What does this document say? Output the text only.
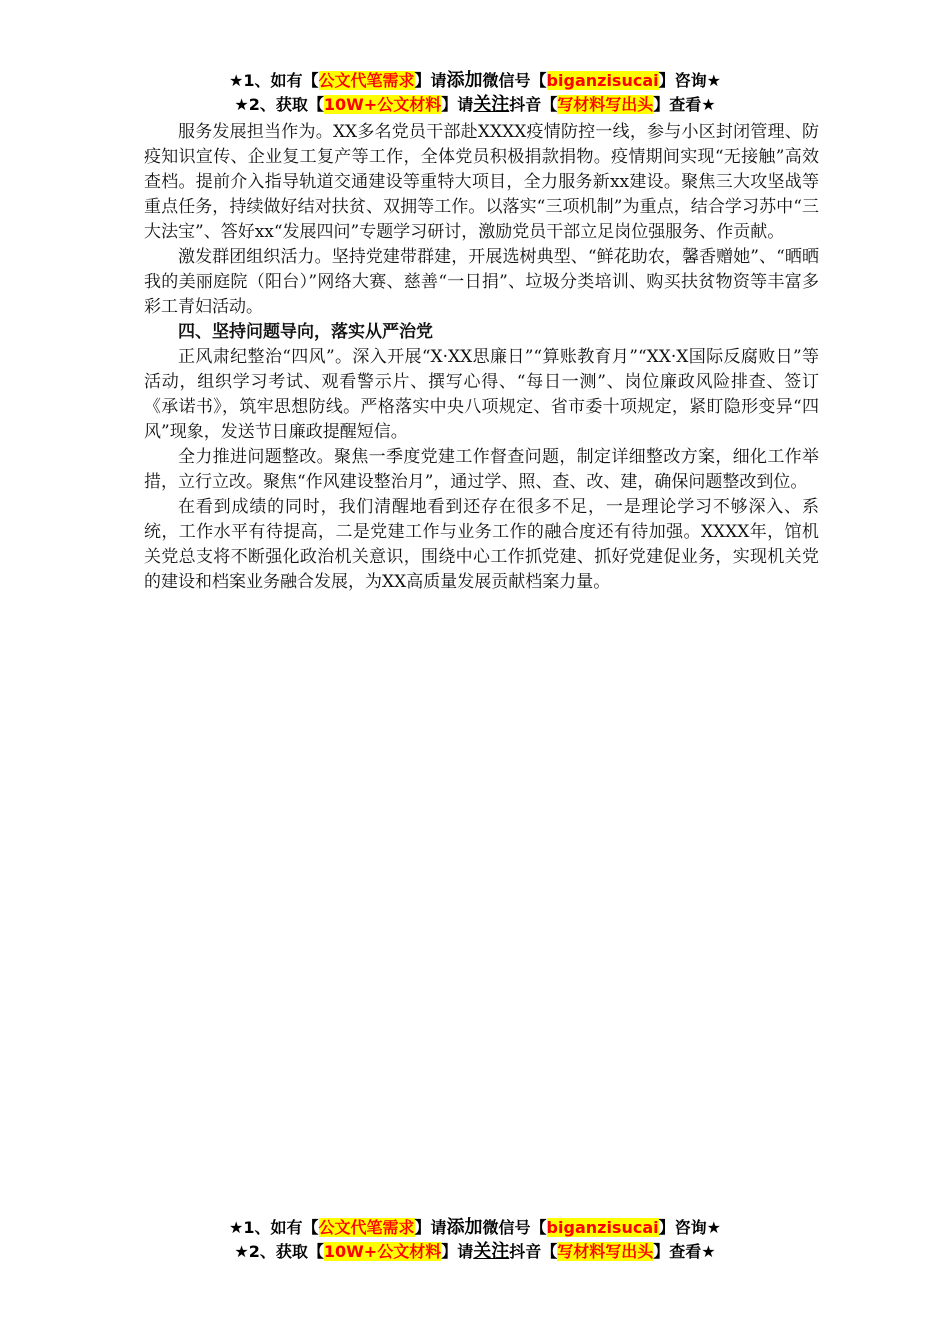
★1、如有【公文代笔需求】请添加微信号【biganzisucai】咨询★
★2、获取【10W+公文材料】请关注抖音【写材料写出头】查看★

服务发展担当作为。XX多名党员干部赴XXXX疫情防控一线，参与小区封闭管理、防疫知识宣传、企业复工复产等工作，全体党员积极捐款捐物。疫情期间实现“无接触”高效查档。提前介入指导轨道交通建设等重特大项目，全力服务新xx建设。聚焦三大攻坚战等重点任务，持续做好结对扶贫、双拥等工作。以落实“三项机制”为重点，结合学习苏中“三大法宝”、答好xx“发展四问”专题学习研讨，激励党员干部立足岗位强服务、作贡献。

激发群团组织活力。坚持党建带群建，开展选树典型、“鲜花助农，馨香赠她”、“晒晒我的美丽庭院（阳台）”网络大赛、慈善“一日捐”、垃圾分类培训、购买扶贫物资等丰富多彩工青妇活动。

四、坚持问题导向，落实从严治党

正风肃纪整治“四风”。深入开展“X·XX思廉日”“算账教育月”“XX·X国际反腐败日”等活动，组织学习考试、观看警示片、撰写心得、“每日一测”、岗位廉政风险排查、签订《承诺书》，筑牢思想防线。严格落实中央八项规定、省市委十项规定，紧盯隐形变异“四风”现象，发送节日廉政提醒短信。

全力推进问题整改。聚焦一季度党建工作督查问题，制定详细整改方案，细化工作举措，立行立改。聚焦“作风建设整治月”，通过学、照、查、改、建，确保问题整改到位。

在看到成绩的同时，我们清醒地看到还存在很多不足，一是理论学习不够深入、系统，工作水平有待提高，二是党建工作与业务工作的融合度还有待加强。XXXX年，馆机关党总支将不断强化政治机关意识，围绕中心工作抓党建、抓好党建促业务，实现机关党的建设和档案业务融合发展，为XX高质量发展贡献档案力量。

★1、如有【公文代笔需求】请添加微信号【biganzisucai】咨询★
★2、获取【10W+公文材料】请关注抖音【写材料写出头】查看★
